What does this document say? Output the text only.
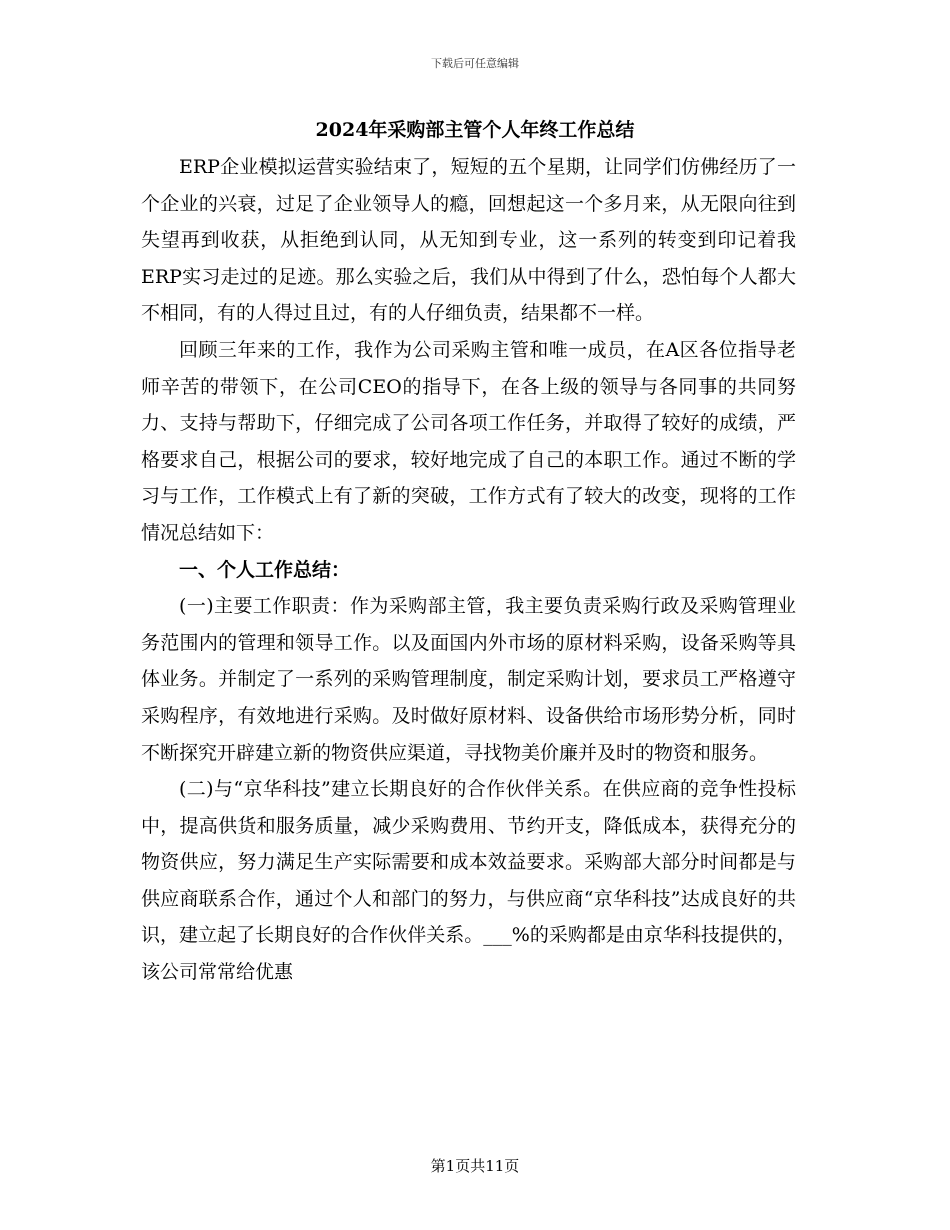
下载后可任意编辑
2024年采购部主管个人年终工作总结

ERP企业模拟运营实验结束了，短短的五个星期，让同学们仿佛经历了一个企业的兴衰，过足了企业领导人的瘾，回想起这一个多月来，从无限向往到失望再到收获，从拒绝到认同，从无知到专业，这一系列的转变到印记着我ERP实习走过的足迹。那么实验之后，我们从中得到了什么，恐怕每个人都大不相同，有的人得过且过，有的人仔细负责，结果都不一样。

回顾三年来的工作，我作为公司采购主管和唯一成员，在A区各位指导老师辛苦的带领下，在公司CEO的指导下，在各上级的领导与各同事的共同努力、支持与帮助下，仔细完成了公司各项工作任务，并取得了较好的成绩，严格要求自己，根据公司的要求，较好地完成了自己的本职工作。通过不断的学习与工作，工作模式上有了新的突破，工作方式有了较大的改变，现将的工作情况总结如下：

一、个人工作总结：

(一)主要工作职责：作为采购部主管，我主要负责采购行政及采购管理业务范围内的管理和领导工作。以及面国内外市场的原材料采购，设备采购等具体业务。并制定了一系列的采购管理制度，制定采购计划，要求员工严格遵守采购程序，有效地进行采购。及时做好原材料、设备供给市场形势分析，同时不断探究开辟建立新的物资供应渠道，寻找物美价廉并及时的物资和服务。

(二)与“京华科技”建立长期良好的合作伙伴关系。在供应商的竞争性投标中，提高供货和服务质量，减少采购费用、节约开支，降低成本，获得充分的物资供应，努力满足生产实际需要和成本效益要求。采购部大部分时间都是与供应商联系合作，通过个人和部门的努力，与供应商“京华科技”达成良好的共识，建立起了长期良好的合作伙伴关系。___%的采购都是由京华科技提供的，该公司常常给优惠

第1页共11页
